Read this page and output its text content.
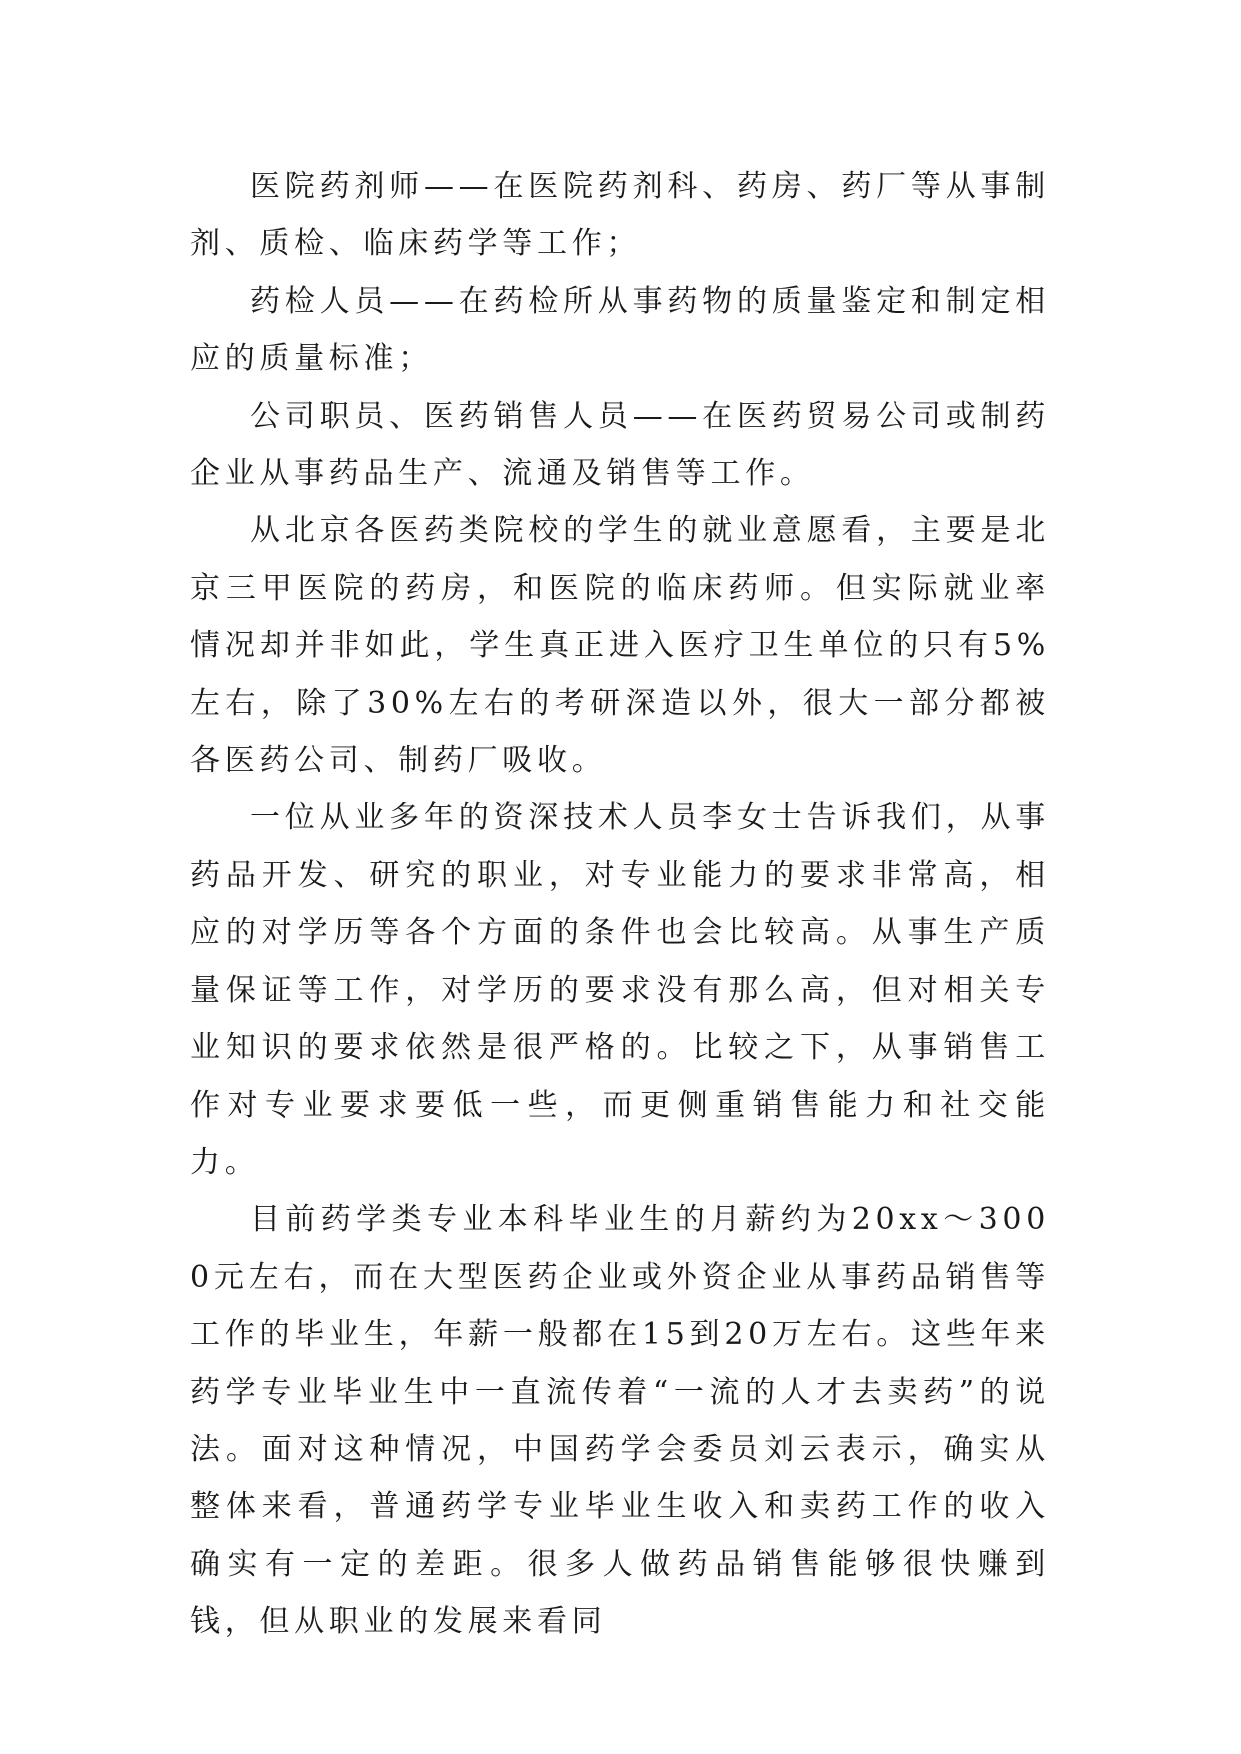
医院药剂师——在医院药剂科、药房、药厂等从事制剂、质检、临床药学等工作；

药检人员——在药检所从事药物的质量鉴定和制定相应的质量标准；

公司职员、医药销售人员——在医药贸易公司或制药企业从事药品生产、流通及销售等工作。

从北京各医药类院校的学生的就业意愿看，主要是北京三甲医院的药房，和医院的临床药师。但实际就业率情况却并非如此，学生真正进入医疗卫生单位的只有5%左右，除了30%左右的考研深造以外，很大一部分都被各医药公司、制药厂吸收。

一位从业多年的资深技术人员李女士告诉我们，从事药品开发、研究的职业，对专业能力的要求非常高，相应的对学历等各个方面的条件也会比较高。从事生产质量保证等工作，对学历的要求没有那么高，但对相关专业知识的要求依然是很严格的。比较之下，从事销售工作对专业要求要低一些，而更侧重销售能力和社交能力。

目前药学类专业本科毕业生的月薪约为20xx～3000元左右，而在大型医药企业或外资企业从事药品销售等工作的毕业生，年薪一般都在15到20万左右。这些年来药学专业毕业生中一直流传着“一流的人才去卖药”的说法。面对这种情况，中国药学会委员刘云表示，确实从整体来看，普通药学专业毕业生收入和卖药工作的收入确实有一定的差距。很多人做药品销售能够很快赚到钱，但从职业的发展来看同
